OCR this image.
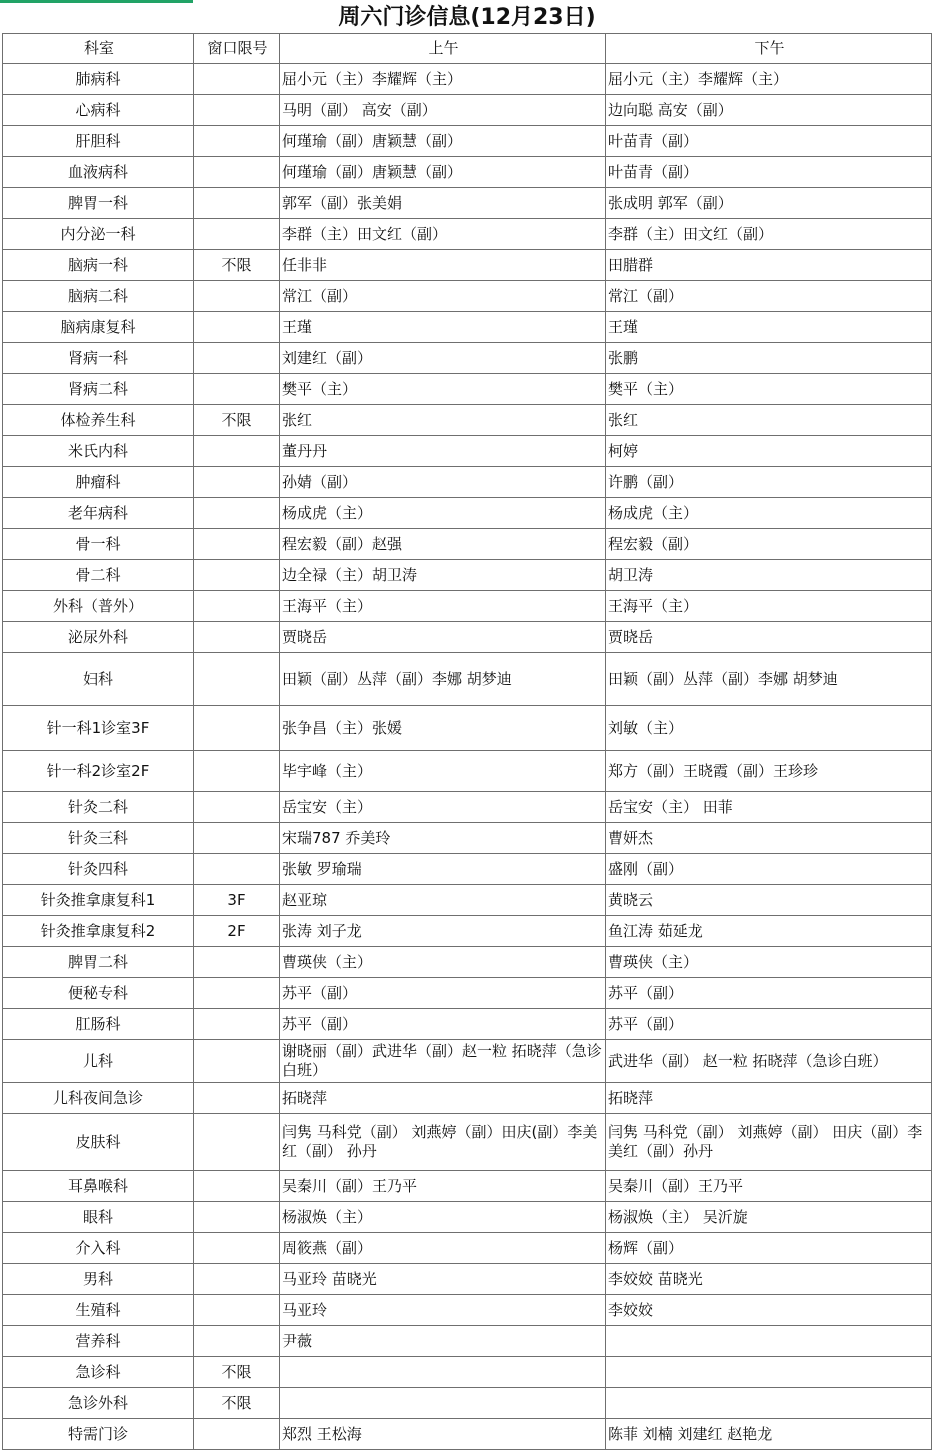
周六门诊信息(12月23日)
科室	窗口限号	上午	下午
肺病科		屈小元（主）李耀辉（主）	屈小元（主）李耀辉（主）
心病科		马明（副） 高安（副）	边向聪 高安（副）
肝胆科		何瑾瑜（副）唐颖慧（副）	叶苗青（副）
血液病科		何瑾瑜（副）唐颖慧（副）	叶苗青（副）
脾胃一科		郭军（副）张美娟	张成明 郭军（副）
内分泌一科		李群（主）田文红（副）	李群（主）田文红（副）
脑病一科	不限	任非非	田腊群
脑病二科		常江（副）	常江（副）
脑病康复科		王瑾	王瑾
肾病一科		刘建红（副）	张鹏
肾病二科		樊平（主）	樊平（主）
体检养生科	不限	张红	张红
米氏内科		董丹丹	柯婷
肿瘤科		孙婧（副）	许鹏（副）
老年病科		杨成虎（主）	杨成虎（主）
骨一科		程宏毅（副）赵强	程宏毅（副）
骨二科		边全禄（主）胡卫涛	胡卫涛
外科（普外）		王海平（主）	王海平（主）
泌尿外科		贾晓岳	贾晓岳
妇科		田颖（副）丛萍（副）李娜 胡梦迪	田颖（副）丛萍（副）李娜 胡梦迪
针一科1诊室3F		张争昌（主）张媛	刘敏（主）
针一科2诊室2F		毕宇峰（主）	郑方（副）王晓霞（副）王珍珍
针灸二科		岳宝安（主）	岳宝安（主） 田菲
针灸三科		宋瑞787 乔美玲	曹妍杰
针灸四科		张敏 罗瑜瑞	盛刚（副）
针灸推拿康复科1	3F	赵亚琼	黄晓云
针灸推拿康复科2	2F	张涛 刘子龙	鱼江涛 茹延龙
脾胃二科		曹瑛侠（主）	曹瑛侠（主）
便秘专科		苏平（副）	苏平（副）
肛肠科		苏平（副）	苏平（副）
儿科		谢晓丽（副）武进华（副）赵一粒 拓晓萍（急诊白班）	武进华（副） 赵一粒 拓晓萍（急诊白班）
儿科夜间急诊		拓晓萍	拓晓萍
皮肤科		闫隽 马科党（副） 刘燕婷（副）田庆(副）李美红（副） 孙丹	闫隽 马科党（副） 刘燕婷（副） 田庆（副）李美红（副）孙丹
耳鼻喉科		吴秦川（副）王乃平	吴秦川（副）王乃平
眼科		杨淑焕（主）	杨淑焕（主） 吴沂旋
介入科		周筱燕（副）	杨辉（副）
男科		马亚玲 苗晓光	李姣姣 苗晓光
生殖科		马亚玲	李姣姣
营养科		尹薇	
急诊科	不限		
急诊外科	不限		
特需门诊		郑烈 王松海	陈菲 刘楠 刘建红 赵艳龙
